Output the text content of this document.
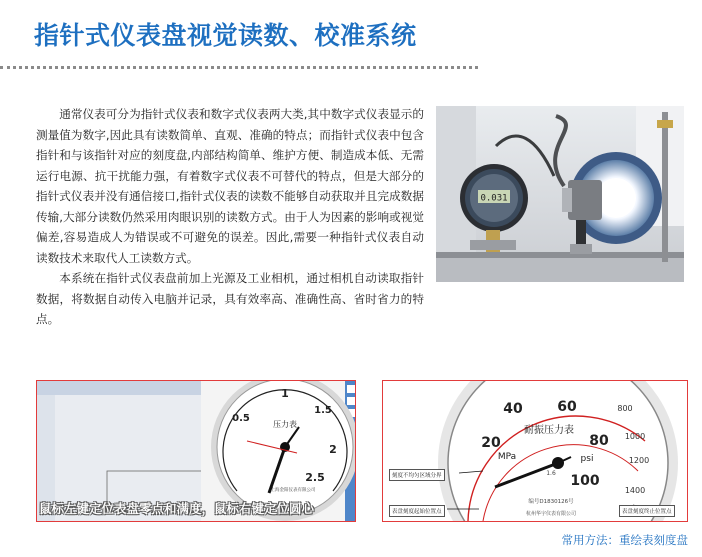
指针式仪表盘视觉读数、校准系统

通常仪表可分为指针式仪表和数字式仪表两大类,其中数字式仪表显示的测量值为数字,因此具有读数简单、直观、准确的特点；而指针式仪表中包含指针和与该指针对应的刻度盘,内部结构简单、维护方便、制造成本低、无需运行电源、抗干扰能力强，有着数字式仪表不可替代的特点，但是大部分的指针式仪表并没有通信接口,指针式仪表的读数不能够自动获取并且完成数据传输,大部分读数仍然采用肉眼识别的读数方式。由于人为因素的影响或视觉偏差,容易造成人为错误或不可避免的误差。因此,需要一种指针式仪表自动读数技术来取代人工读数方式。

本系统在指针式仪表盘前加上光源及工业相机，通过相机自动读取指针数据，将数据自动传入电脑并记录，具有效率高、准确性高、省时省力的特点。

0.031
压力表
1
1.5
2
2.5
0.5
上海金阳仪表有限公司
鼠标左键定位表盘零点和满度，鼠标右键定位圆心
40 60
20	80
100
耐振压力表
MPa	psi
800
1000
1200
1400
1.6
编号D1830126号
杭州华宇仪表有限公司
刻度不均匀区域分界
表盘刻度起始位置点	表盘刻度终止位置点
常用方法：重绘表刻度盘
